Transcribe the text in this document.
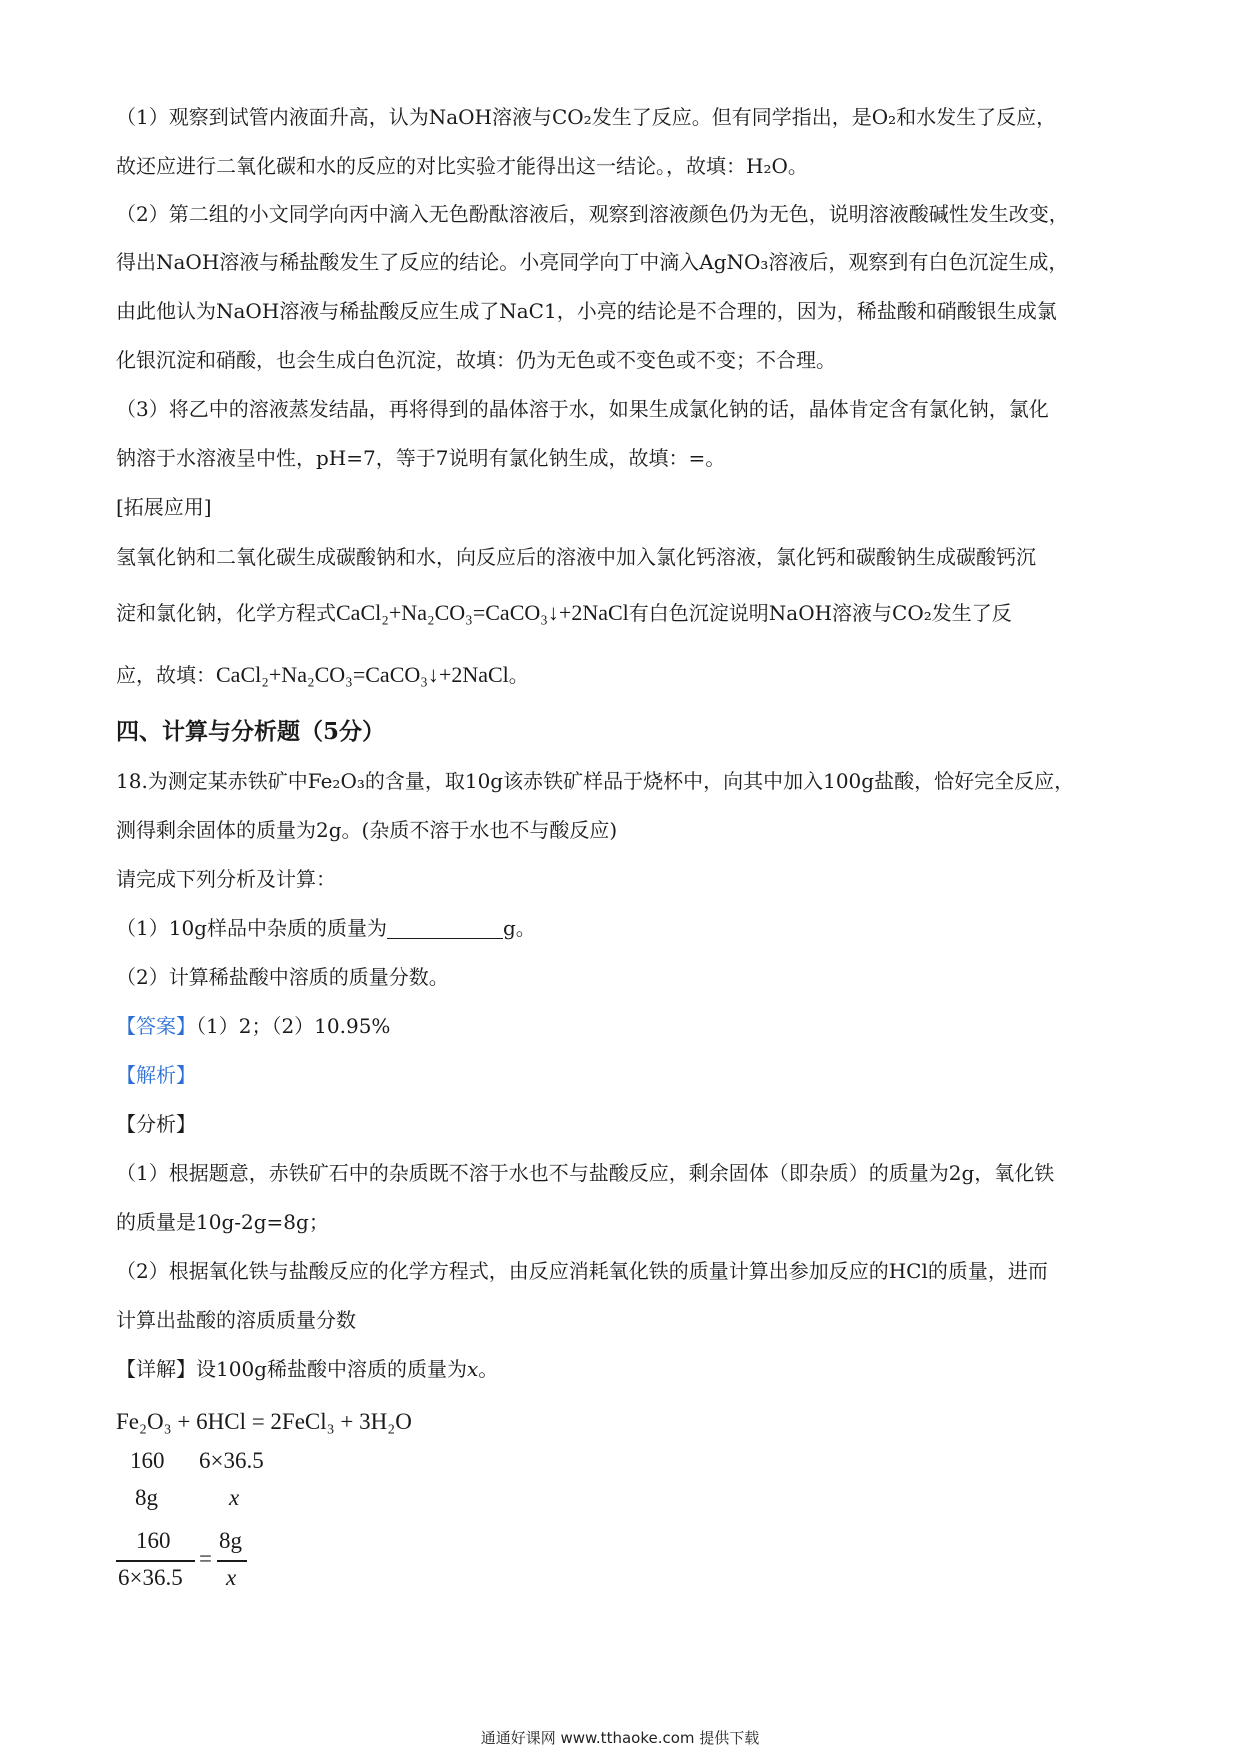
（1）观察到试管内液面升高，认为NaOH溶液与CO₂发生了反应。但有同学指出，是O₂和水发生了反应，
故还应进行二氧化碳和水的反应的对比实验才能得出这一结论。，故填：H₂O。
（2）第二组的小文同学向丙中滴入无色酚酞溶液后，观察到溶液颜色仍为无色，说明溶液酸碱性发生改变，
得出NaOH溶液与稀盐酸发生了反应的结论。小亮同学向丁中滴入AgNO₃溶液后，观察到有白色沉淀生成，
由此他认为NaOH溶液与稀盐酸反应生成了NaC1，小亮的结论是不合理的，因为，稀盐酸和硝酸银生成氯
化银沉淀和硝酸，也会生成白色沉淀，故填：仍为无色或不变色或不变；不合理。
（3）将乙中的溶液蒸发结晶，再将得到的晶体溶于水，如果生成氯化钠的话，晶体肯定含有氯化钠，氯化
钠溶于水溶液呈中性，pH=7，等于7说明有氯化钠生成，故填：=。
[拓展应用]
氢氧化钠和二氧化碳生成碳酸钠和水，向反应后的溶液中加入氯化钙溶液，氯化钙和碳酸钠生成碳酸钙沉
淀和氯化钠，化学方程式CaCl₂+Na₂CO₃=CaCO₃↓+2NaCl有白色沉淀说明NaOH溶液与CO₂发生了反
应，故填：CaCl₂+Na₂CO₃=CaCO₃↓+2NaCl。
四、计算与分析题（5分）
18.为测定某赤铁矿中Fe₂O₃的含量，取10g该赤铁矿样品于烧杯中，向其中加入100g盐酸，恰好完全反应，
测得剩余固体的质量为2g。(杂质不溶于水也不与酸反应)
请完成下列分析及计算：
（1）10g样品中杂质的质量为	g。
（2）计算稀盐酸中溶质的质量分数。
【答案】（1）2；（2）10.95%
【解析】
【分析】
（1）根据题意，赤铁矿石中的杂质既不溶于水也不与盐酸反应，剩余固体（即杂质）的质量为2g，氧化铁
的质量是10g-2g=8g；
（2）根据氧化铁与盐酸反应的化学方程式，由反应消耗氧化铁的质量计算出参加反应的HCl的质量，进而
计算出盐酸的溶质质量分数
【详解】设100g稀盐酸中溶质的质量为x。
Fe₂O₃ + 6HCl = 2FeCl₃ + 3H₂O
160 6×36.5
8g	x
160
6×36.5
=
8g
x
通通好课网 www.tthaoke.com 提供下载
